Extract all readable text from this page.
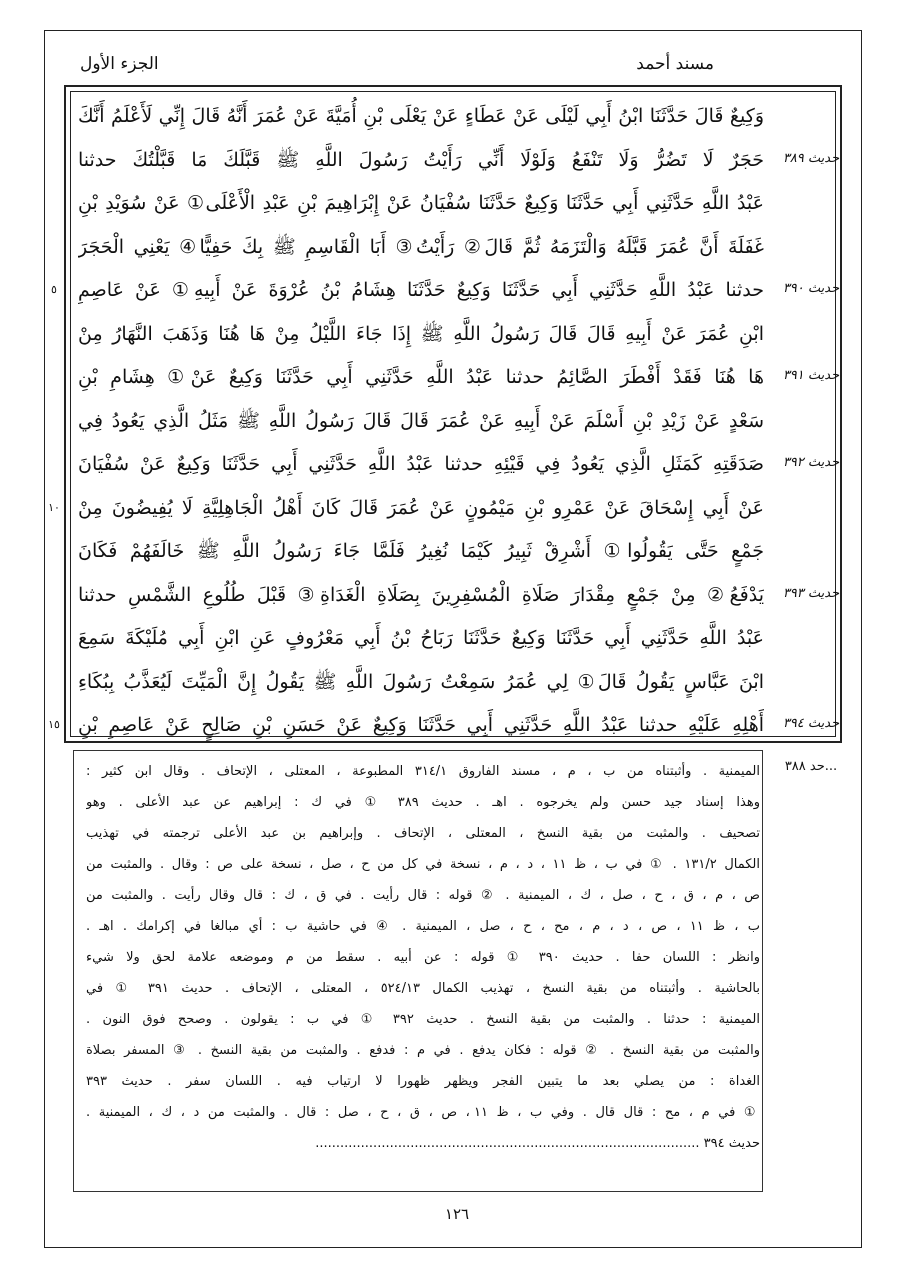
مسند أحمد
الجزء الأول
وَكِيعٌ قَالَ حَدَّثَنَا ابْنُ أَبِي لَيْلَى عَنْ عَطَاءٍ عَنْ يَعْلَى بْنِ أُمَيَّةَ عَنْ عُمَرَ أَنَّهُ قَالَ إِنِّي لَأَعْلَمُ أَنَّكَ
حَجَرٌ لَا تَضُرُّ وَلَا تَنْفَعُ وَلَوْلَا أَنِّي رَأَيْتُ رَسُولَ اللَّهِ ﷺ قَبَّلَكَ مَا قَبَّلْتُكَ حدثنا
عَبْدُ اللَّهِ حَدَّثَنِي أَبِي حَدَّثَنَا وَكِيعٌ حَدَّثَنَا سُفْيَانُ عَنْ إِبْرَاهِيمَ بْنِ عَبْدِ الْأَعْلَى① عَنْ سُوَيْدِ بْنِ
غَفَلَةَ أَنَّ عُمَرَ قَبَّلَهُ وَالْتَزَمَهُ ثُمَّ قَالَ② رَأَيْتُ③ أَبَا الْقَاسِمِ ﷺ بِكَ حَفِيًّا④ يَعْنِي الْحَجَرَ
حدثنا عَبْدُ اللَّهِ حَدَّثَنِي أَبِي حَدَّثَنَا وَكِيعٌ حَدَّثَنَا هِشَامُ بْنُ عُرْوَةَ عَنْ أَبِيهِ① عَنْ عَاصِمِ
ابْنِ عُمَرَ عَنْ أَبِيهِ قَالَ قَالَ رَسُولُ اللَّهِ ﷺ إِذَا جَاءَ اللَّيْلُ مِنْ هَا هُنَا وَذَهَبَ النَّهَارُ مِنْ
هَا هُنَا فَقَدْ أَفْطَرَ الصَّائِمُ حدثنا عَبْدُ اللَّهِ حَدَّثَنِي أَبِي حَدَّثَنَا وَكِيعٌ عَنْ① هِشَامِ بْنِ
سَعْدٍ عَنْ زَيْدِ بْنِ أَسْلَمَ عَنْ أَبِيهِ عَنْ عُمَرَ قَالَ قَالَ رَسُولُ اللَّهِ ﷺ مَثَلُ الَّذِي يَعُودُ فِي
صَدَقَتِهِ كَمَثَلِ الَّذِي يَعُودُ فِي قَيْئِهِ حدثنا عَبْدُ اللَّهِ حَدَّثَنِي أَبِي حَدَّثَنَا وَكِيعٌ عَنْ سُفْيَانَ
عَنْ أَبِي إِسْحَاقَ عَنْ عَمْرِو بْنِ مَيْمُونٍ عَنْ عُمَرَ قَالَ كَانَ أَهْلُ الْجَاهِلِيَّةِ لَا يُفِيضُونَ مِنْ
جَمْعٍ حَتَّى يَقُولُوا① أَشْرِقْ ثَبِيرُ كَيْمَا نُغِيرُ فَلَمَّا جَاءَ رَسُولُ اللَّهِ ﷺ خَالَفَهُمْ فَكَانَ
يَدْفَعُ② مِنْ جَمْعٍ مِقْدَارَ صَلَاةِ الْمُسْفِرِينَ بِصَلَاةِ الْغَدَاةِ③ قَبْلَ طُلُوعِ الشَّمْسِ حدثنا
عَبْدُ اللَّهِ حَدَّثَنِي أَبِي حَدَّثَنَا وَكِيعٌ حَدَّثَنَا رَبَاحُ بْنُ أَبِي مَعْرُوفٍ عَنِ ابْنِ أَبِي مُلَيْكَةَ سَمِعَ
ابْنَ عَبَّاسٍ يَقُولُ قَالَ① لِي عُمَرُ سَمِعْتُ رَسُولَ اللَّهِ ﷺ يَقُولُ إِنَّ الْمَيِّتَ لَيُعَذَّبُ بِبُكَاءِ
أَهْلِهِ عَلَيْهِ حدثنا عَبْدُ اللَّهِ حَدَّثَنِي أَبِي حَدَّثَنَا وَكِيعٌ عَنْ حَسَنِ بْنِ صَالِحٍ عَنْ عَاصِمِ بْنِ
حديث ٣٨٩
حديث ٣٩٠
حديث ٣٩١
حديث ٣٩٢
حديث ٣٩٣
حديث ٣٩٤
٥
١٠
١٥
...حد ٣٨٨
الميمنية . وأثبتناه من ب ، م ، مسند الفاروق ٣١٤/١ المطبوعة ، المعتلى ، الإتحاف . وقال ابن كثير :
وهذا إسناد جيد حسن ولم يخرجوه . اهـ . حديث ٣٨٩ ① في ك : إبراهيم عن عبد الأعلى . وهو
تصحيف . والمثبت من بقية النسخ ، المعتلى ، الإتحاف . وإبراهيم بن عبد الأعلى ترجمته في تهذيب
الكمال ١٣١/٢ . ① في ب ، ظ ١١ ، د ، م ، نسخة في كل من ح ، صل ، نسخة على ص : وقال . والمثبت من
ص ، م ، ق ، ح ، صل ، ك ، الميمنية . ② قوله : قال رأيت . في ق ، ك : قال وقال رأيت . والمثبت من
ب ، ظ ١١ ، ص ، د ، م ، مح ، ح ، صل ، الميمنية . ④ في حاشية ب : أي مبالغا في إكرامك . اهـ .
وانظر : اللسان حفا . حديث ٣٩٠ ① قوله : عن أبيه . سقط من م وموضعه علامة لحق ولا شيء
بالحاشية . وأثبتناه من بقية النسخ ، تهذيب الكمال ٥٢٤/١٣ ، المعتلى ، الإتحاف . حديث ٣٩١ ① في
الميمنية : حدثنا . والمثبت من بقية النسخ . حديث ٣٩٢ ① في ب : يقولون . وصحح فوق النون .
والمثبت من بقية النسخ . ② قوله : فكان يدفع . في م : فدفع . والمثبت من بقية النسخ . ③ المسفر بصلاة
الغداة : من يصلي بعد ما يتبين الفجر ويظهر ظهورا لا ارتياب فيه . اللسان سفر . حديث ٣٩٣
① في م ، مح : قال قال . وفي ب ، ظ ١١ ، ص ، ق ، ح ، صل : قال . والمثبت من د ، ك ، الميمنية .
حديث ٣٩٤ .............................................................................................
١٢٦
